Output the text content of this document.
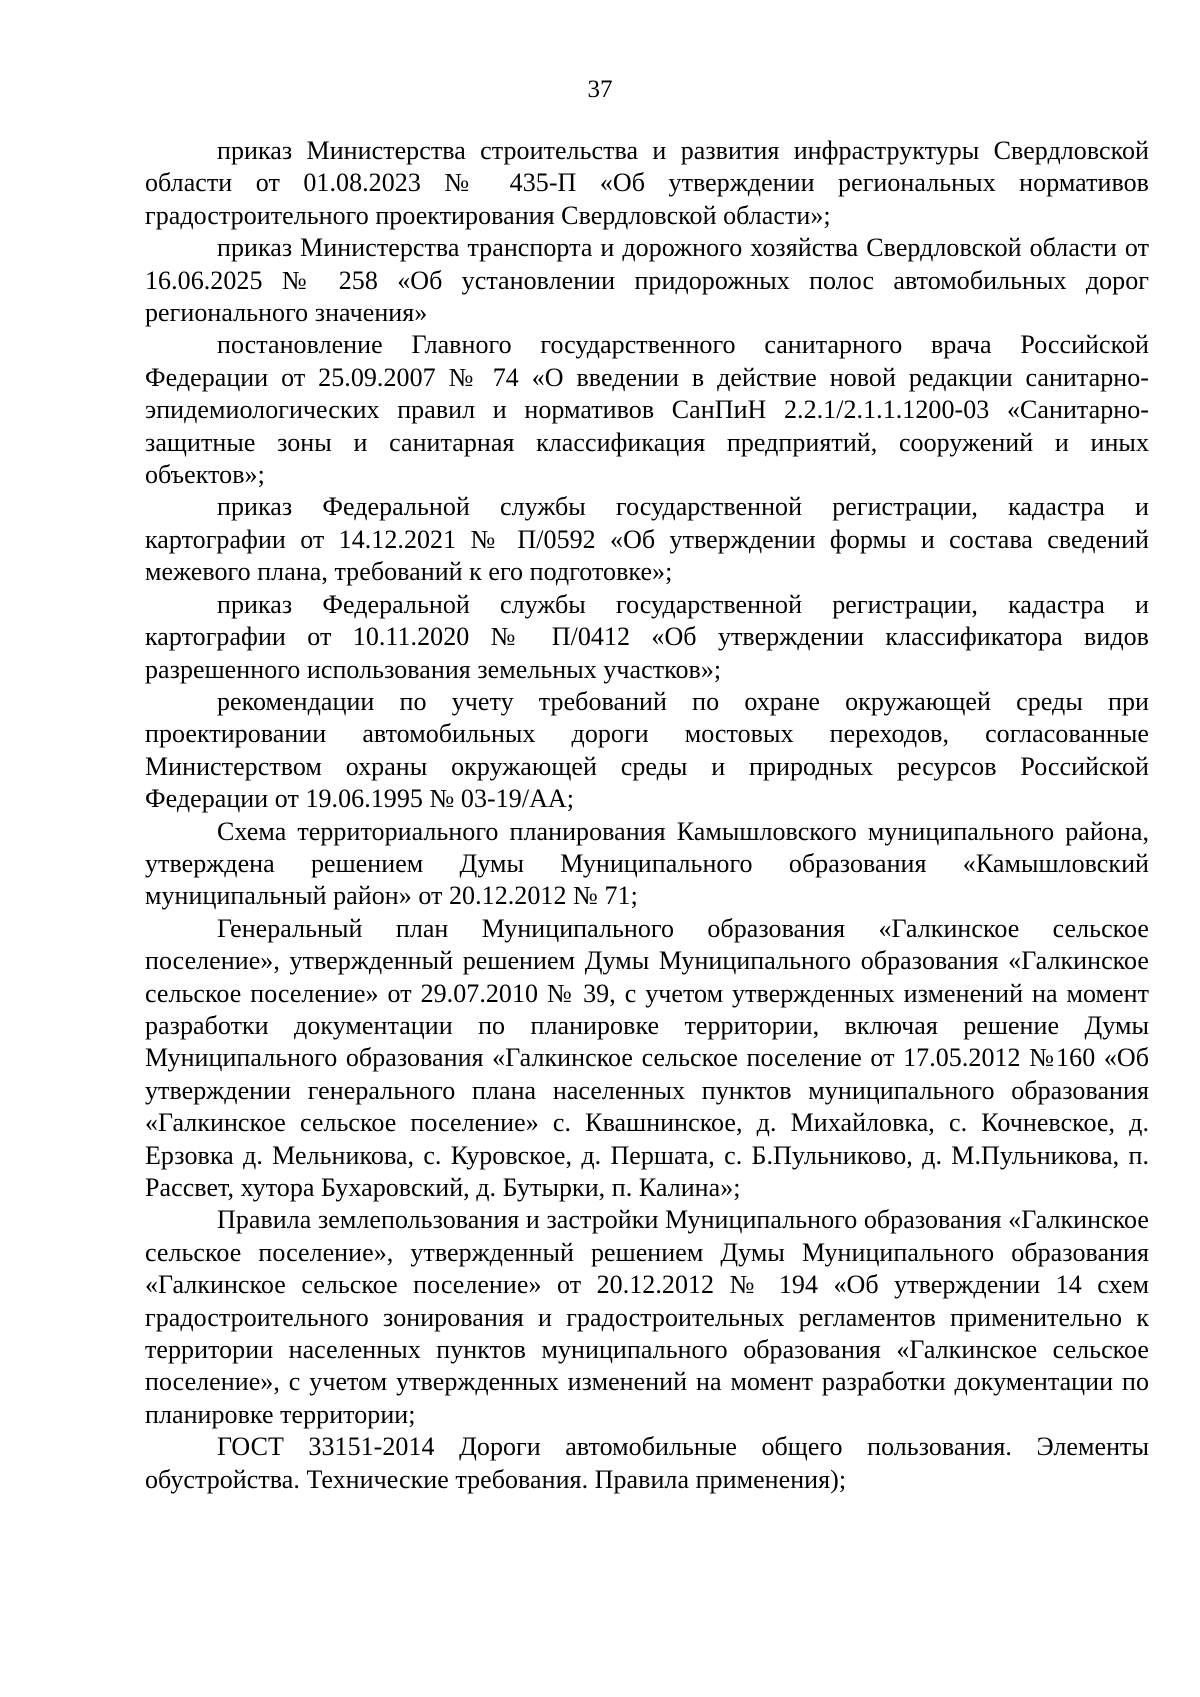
37

приказ Министерства строительства и развития инфраструктуры Свердловской области от 01.08.2023 № 435-П «Об утверждении региональных нормативов градостроительного проектирования Свердловской области»;

приказ Министерства транспорта и дорожного хозяйства Свердловской области от 16.06.2025 № 258 «Об установлении придорожных полос автомобильных дорог регионального значения»

постановление Главного государственного санитарного врача Российской Федерации от 25.09.2007 № 74 «О введении в действие новой редакции санитарно-эпидемиологических правил и нормативов СанПиН 2.2.1/2.1.1.1200-03 «Санитарно-защитные зоны и санитарная классификация предприятий, сооружений и иных объектов»;

приказ Федеральной службы государственной регистрации, кадастра и картографии от 14.12.2021 № П/0592 «Об утверждении формы и состава сведений межевого плана, требований к его подготовке»;

приказ Федеральной службы государственной регистрации, кадастра и картографии от 10.11.2020 № П/0412 «Об утверждении классификатора видов разрешенного использования земельных участков»;

рекомендации по учету требований по охране окружающей среды при проектировании автомобильных дороги мостовых переходов, согласованные Министерством охраны окружающей среды и природных ресурсов Российской Федерации от 19.06.1995 № 03-19/АА;

Схема территориального планирования Камышловского муниципального района, утверждена решением Думы Муниципального образования «Камышловский муниципальный район» от 20.12.2012 № 71;

Генеральный план Муниципального образования «Галкинское сельское поселение», утвержденный решением Думы Муниципального образования «Галкинское сельское поселение» от 29.07.2010 № 39, с учетом утвержденных изменений на момент разработки документации по планировке территории, включая решение Думы Муниципального образования «Галкинское сельское поселение от 17.05.2012 №160 «Об утверждении генерального плана населенных пунктов муниципального образования «Галкинское сельское поселение» с. Квашнинское, д. Михайловка, с. Кочневское, д. Ерзовка д. Мельникова, с. Куровское, д. Першата, с. Б.Пульниково, д. М.Пульникова, п. Рассвет, хутора Бухаровский, д. Бутырки, п. Калина»;

Правила землепользования и застройки Муниципального образования «Галкинское сельское поселение», утвержденный решением Думы Муниципального образования «Галкинское сельское поселение» от 20.12.2012 № 194 «Об утверждении 14 схем градостроительного зонирования и градостроительных регламентов применительно к территории населенных пунктов муниципального образования «Галкинское сельское поселение», с учетом утвержденных изменений на момент разработки документации по планировке территории;

ГОСТ 33151-2014 Дороги автомобильные общего пользования. Элементы обустройства. Технические требования. Правила применения);
